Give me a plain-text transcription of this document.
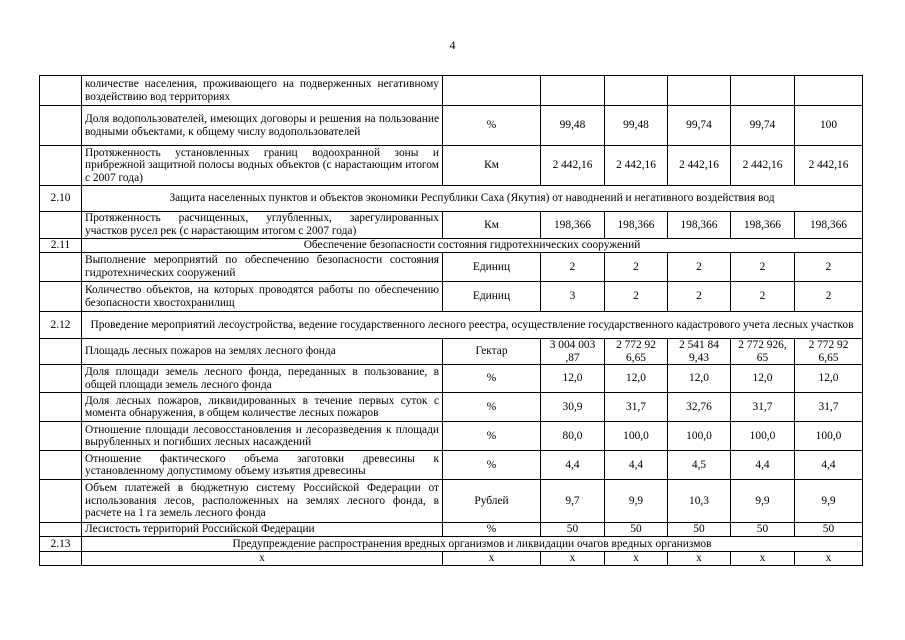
4
	количестве населения, проживающего на подверженных негативному воздействию вод территориях						
	Доля водопользователей, имеющих договоры и решения на пользование водными объектами, к общему числу водопользователей	%	99,48	99,48	99,74	99,74	100
	Протяженность установленных границ водоохранной зоны и прибрежной защитной полосы водных объектов (с нарастающим итогом с 2007 года)	Км	2 442,16	2 442,16	2 442,16	2 442,16	2 442,16
2.10	Защита населенных пунктов и объектов экономики Республики Саха (Якутия) от наводнений и негативного воздействия вод						
	Протяженность расчищенных, углубленных, зарегулированных участков русел рек (с нарастающим итогом с 2007 года)	Км	198,366	198,366	198,366	198,366	198,366
2.11	Обеспечение безопасности состояния гидротехнических сооружений						
	Выполнение мероприятий по обеспечению безопасности состояния гидротехнических сооружений	Единиц	2	2	2	2	2
	Количество объектов, на которых проводятся работы по обеспечению безопасности хвостохранилищ	Единиц	3	2	2	2	2
2.12	Проведение мероприятий лесоустройства, ведение государственного лесного реестра, осуществление государственного кадастрового учета лесных участков						
	Площадь лесных пожаров на землях лесного фонда	Гектар	3 004 003 ,87	2 772 92 6,65	2 541 84 9,43	2 772 926, 65	2 772 92 6,65
	Доля площади земель лесного фонда, переданных в пользование, в общей площади земель лесного фонда	%	12,0	12,0	12,0	12,0	12,0
	Доля лесных пожаров, ликвидированных в течение первых суток с момента обнаружения, в общем количестве лесных пожаров	%	30,9	31,7	32,76	31,7	31,7
	Отношение площади лесовосстановления и лесоразведения к площади вырубленных и погибших лесных насаждений	%	80,0	100,0	100,0	100,0	100,0
	Отношение фактического объема заготовки древесины к установленному допустимому объему изъятия древесины	%	4,4	4,4	4,5	4,4	4,4
	Объем платежей в бюджетную систему Российской Федерации от использования лесов, расположенных на землях лесного фонда, в расчете на 1 га земель лесного фонда	Рублей	9,7	9,9	10,3	9,9	9,9
	Лесистость территорий Российской Федерации	%	50	50	50	50	50
2.13	Предупреждение распространения вредных организмов и ликвидации очагов вредных организмов						
	x	x	x	x	x	x	x
